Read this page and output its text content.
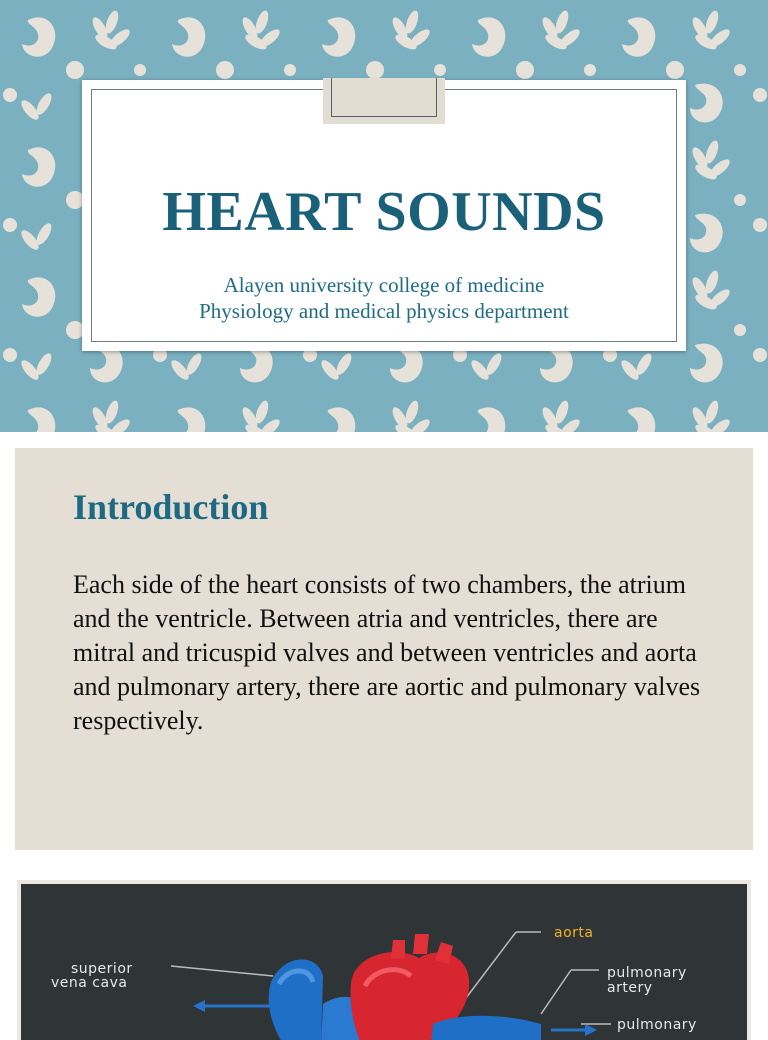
HEART SOUNDS
Alayen university college of medicine
Physiology and medical physics department
Introduction
Each side of the heart consists of two chambers, the atrium and the ventricle. Between atria and ventricles, there are mitral and tricuspid valves and between ventricles and aorta and pulmonary artery, there are aortic and pulmonary valves respectively.
superior
vena cava
aorta
pulmonary
artery
pulmonary
